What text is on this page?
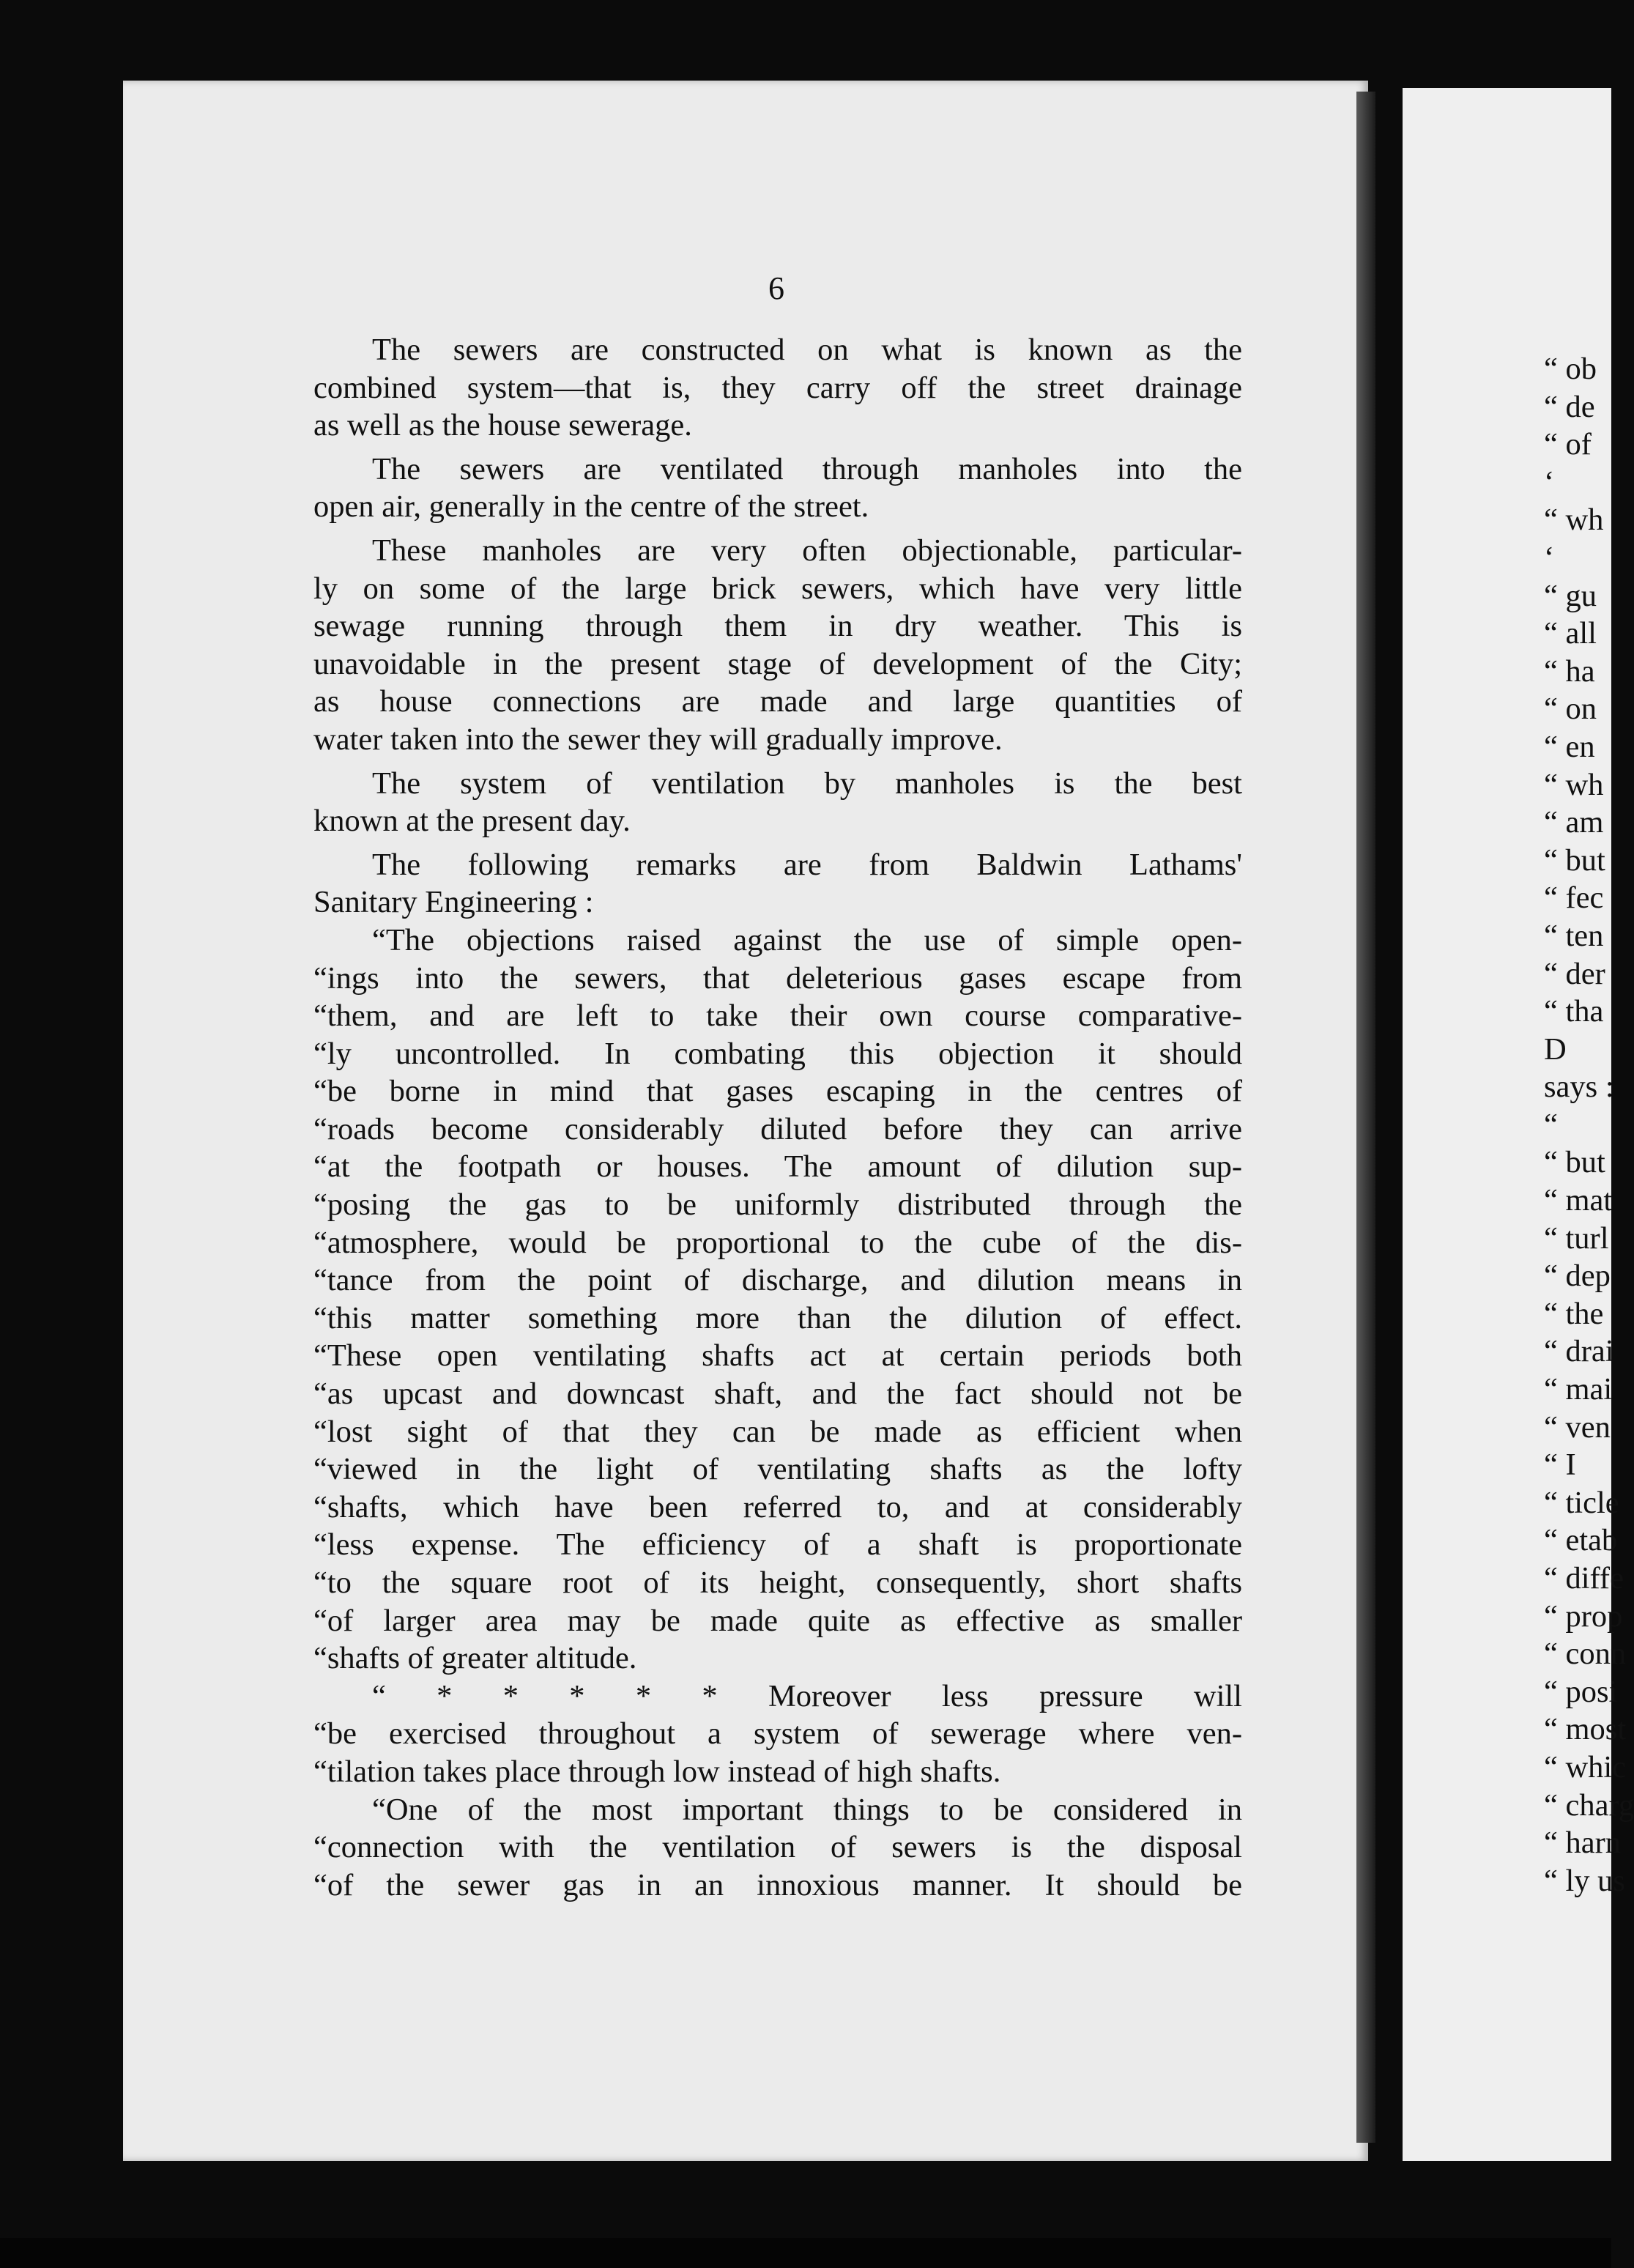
6
The sewers are constructed on what is known as the
combined system—that is, they carry off the street drainage
as well as the house sewerage.
The sewers are ventilated through manholes into the
open air, generally in the centre of the street.
These manholes are very often objectionable, particular-
ly on some of the large brick sewers, which have very little
sewage running through them in dry weather. This is
unavoidable in the present stage of development of the City;
as house connections are made and large quantities of
water taken into the sewer they will gradually improve.
The system of ventilation by manholes is the best
known at the present day.
The following remarks are from Baldwin Lathams'
Sanitary Engineering :
“The objections raised against the use of simple open-
“ings into the sewers, that deleterious gases escape from
“them, and are left to take their own course comparative-
“ly uncontrolled. In combating this objection it should
“be borne in mind that gases escaping in the centres of
“roads become considerably diluted before they can arrive
“at the footpath or houses. The amount of dilution sup-
“posing the gas to be uniformly distributed through the
“atmosphere, would be proportional to the cube of the dis-
“tance from the point of discharge, and dilution means in
“this matter something more than the dilution of effect.
“These open ventilating shafts act at certain periods both
“as upcast and downcast shaft, and the fact should not be
“lost sight of that they can be made as efficient when
“viewed in the light of ventilating shafts as the lofty
“shafts, which have been referred to, and at considerably
“less expense. The efficiency of a shaft is proportionate
“to the square root of its height, consequently, short shafts
“of larger area may be made quite as effective as smaller
“shafts of greater altitude.
“ * * * * * Moreover less pressure will
“be exercised throughout a system of sewerage where ven-
“tilation takes place through low instead of high shafts.
“One of the most important things to be considered in
“connection with the ventilation of sewers is the disposal
“of the sewer gas in an innoxious manner. It should be
“ ob
“ de
“ of
‘
“ wh
‘
“ gu
“ all
“ ha
“ on
“ en
“ wh
“ am
“ but
“ fec
“ ten
“ der
“ tha
D
says :
“
“ but
“ mat
“ turl
“ dep
“ the
“ drai
“ mai
“ ven
“ I
“ ticle
“ etab
“ diffe
“ prop
“ conn
“ posi
“ most
“ whic
“ charg
“ harn
“ ly us
